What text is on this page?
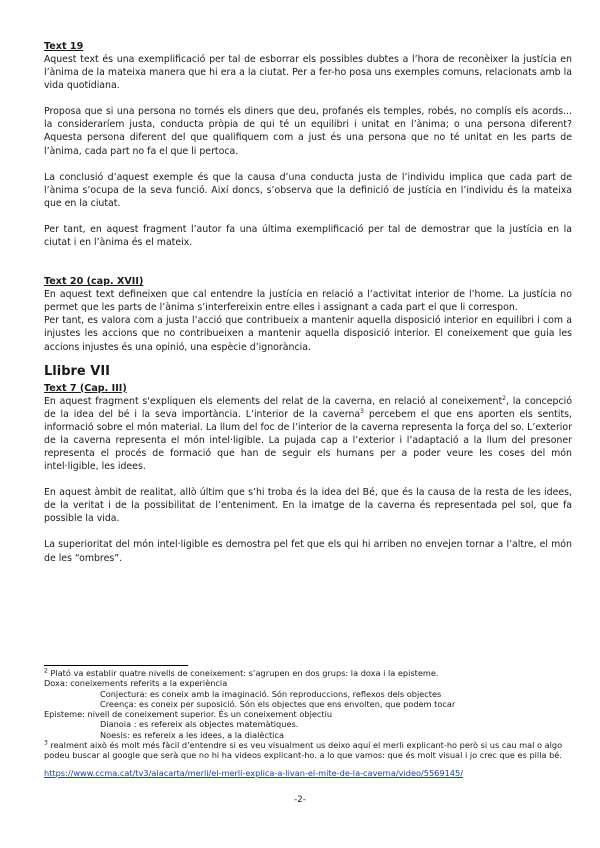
Text 19

Aquest text és una exemplificació per tal de esborrar els possibles dubtes a l’hora de reconèixer la justícia en l’ànima de la mateixa manera que hi era a la ciutat. Per a fer-ho posa uns exemples comuns, relacionats amb la vida quotidiana.

Proposa que si una persona no tornés els diners que deu, profanés els temples, robés, no complís els acords... la consideraríem justa, conducta pròpia de qui té un equilibri i unitat en l’ànima; o una persona diferent? Aquesta persona diferent del que qualifiquem com a just és una persona que no té unitat en les parts de l’ànima, cada part no fa el que li pertoca.

La conclusió d’aquest exemple és que la causa d’una conducta justa de l’individu implica que cada part de l’ànima s’ocupa de la seva funció. Així doncs, s’observa que la definició de justícia en l’individu és la mateixa que en la ciutat.

Per tant, en aquest fragment l’autor fa una última exemplificació per tal de demostrar que la justícia en la ciutat i en l’ànima és el mateix.

Text 20 (cap. XVII)

En aquest text defineixen que cal entendre la justícia en relació a l’activitat interior de l’home. La justícia no permet que les parts de l’ànima s’interfereixin entre elles i assignant a cada part el que li correspon.

Per tant, es valora com a justa l’acció que contribueix a mantenir aquella disposició interior en equilibri i com a injustes les accions que no contribueixen a mantenir aquella disposició interior. El coneixement que guia les accions injustes és una opinió, una espècie d’ignorància.

Llibre VII

Text 7 (Cap. III)

En aquest fragment s'expliquen els elements del relat de la caverna, en relació al coneixement$^2$, la concepció de la idea del bé i la seva importància. L’interior de la caverna$^3$ percebem el que ens aporten els sentits, informació sobre el món material. La llum del foc de l’interior de la caverna representa la força del so. L’exterior de la caverna representa el món intel·ligible. La pujada cap a l’exterior i l’adaptació a la llum del presoner representa el procés de formació que han de seguir els humans per a poder veure les coses del món intel·ligible, les idees.

En aquest àmbit de realitat, allò últim que s’hi troba és la idea del Bé, que és la causa de la resta de les idees, de la veritat i de la possibilitat de l’enteniment. En la imatge de la caverna és representada pel sol, que fa possible la vida.

La superioritat del món intel·ligible es demostra pel fet que els qui hi arriben no envejen tornar a l’altre, el món de les “ombres”.

$^2$ Plató va establir quatre nivells de coneixement: s’agrupen en dos grups: la doxa i la episteme.

Doxa: coneixements referits a la experiència

Conjectura: es coneix amb la imaginació. Són reproduccions, reflexos dels objectes

Creença: es coneix per suposició. Són els objectes que ens envolten, que podem tocar

Episteme: nivell de coneixement superior. És un coneixement objectiu

Dianoia : es refereix als objectes matemàtiques.

Noesis: es refereix a les idees, a la dialèctica

$^3$ realment això és molt més fàcil d’entendre si es veu visualment us deixo aquí el merli explicant-ho però si us cau mal o algo podeu buscar al google que serà que no hi ha videos explicant-ho. a lo que vamos: que és molt visual i jo crec que es pilla bé.

https://www.ccma.cat/tv3/alacarta/merli/el-merli-explica-a-livan-el-mite-de-la-caverna/video/5569145/
-2-
